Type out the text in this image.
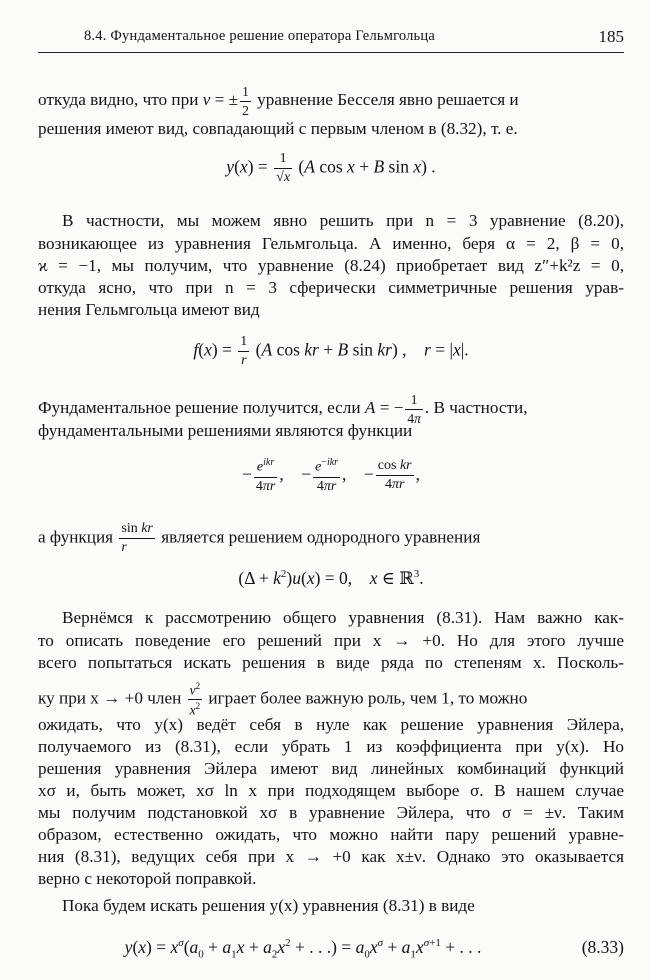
8.4. Фундаментальное решение оператора Гельмгольца	185
откуда видно, что при ν = ± $\frac{1}{2}$ уравнение Бесселя явно решается и
решения имеют вид, совпадающий с первым членом в (8.32), т. е.
$y(x) = \frac{1}{√x} (A$ cos x + B sin x) .
В частности, мы можем явно решить при n = 3 уравнение (8.20),
возникающее из уравнения Гельмгольца. А именно, беря α = 2, β = 0,
ϰ = −1, мы получим, что уравнение (8.24) приобретает вид z″+k²z = 0,
откуда ясно, что при n = 3 сферически симметричные решения урав-
нения Гельмгольца имеют вид
$f(x) = \frac{1}{r} (A$ cos kr + B sin kr) ,    r = |x|.
Фундаментальное решение получится, если A = − $\frac{1}{4\pi}$ . В частности,
фундаментальными решениями являются функции
− $e^{ikr}$
4πr
,    − $e^{-ikr}$
4πr
,    − $\frac{\text{cos kr}}{4\pi r}$ ,
а функция $\frac{\text{sin kr}}{r}$ является решением однородного уравнения
$(\Delta + k^2)u(x) = 0$,    x ∈ ℝ$^3$.
Вернёмся к рассмотрению общего уравнения (8.31). Нам важно как-
то описать поведение его решений при x → +0. Но для этого лучше
всего попытаться искать решения в виде ряда по степеням x. Посколь-
ку при x → +0 член $\frac{\nu^2}{x^2}$ играет более важную роль, чем 1, то можно
ожидать, что y(x) ведёт себя в нуле как решение уравнения Эйлера,
получаемого из (8.31), если убрать 1 из коэффициента при y(x). Но
решения уравнения Эйлера имеют вид линейных комбинаций функций
xσ и, быть может, xσ ln x при подходящем выборе σ. В нашем случае
мы получим подстановкой xσ в уравнение Эйлера, что σ = ±ν. Таким
образом, естественно ожидать, что можно найти пару решений уравне-
ния (8.31), ведущих себя при x → +0 как x±ν. Однако это оказывается
верно с некоторой поправкой.
Пока будем искать решения y(x) уравнения (8.31) в виде
$y(x) = x^\sigma(a_0 + a_1x + a_2x^2$ + . . .) = $a_0x^\sigma + a_1x^{\sigma+1}$ + . . .	(8.33)
